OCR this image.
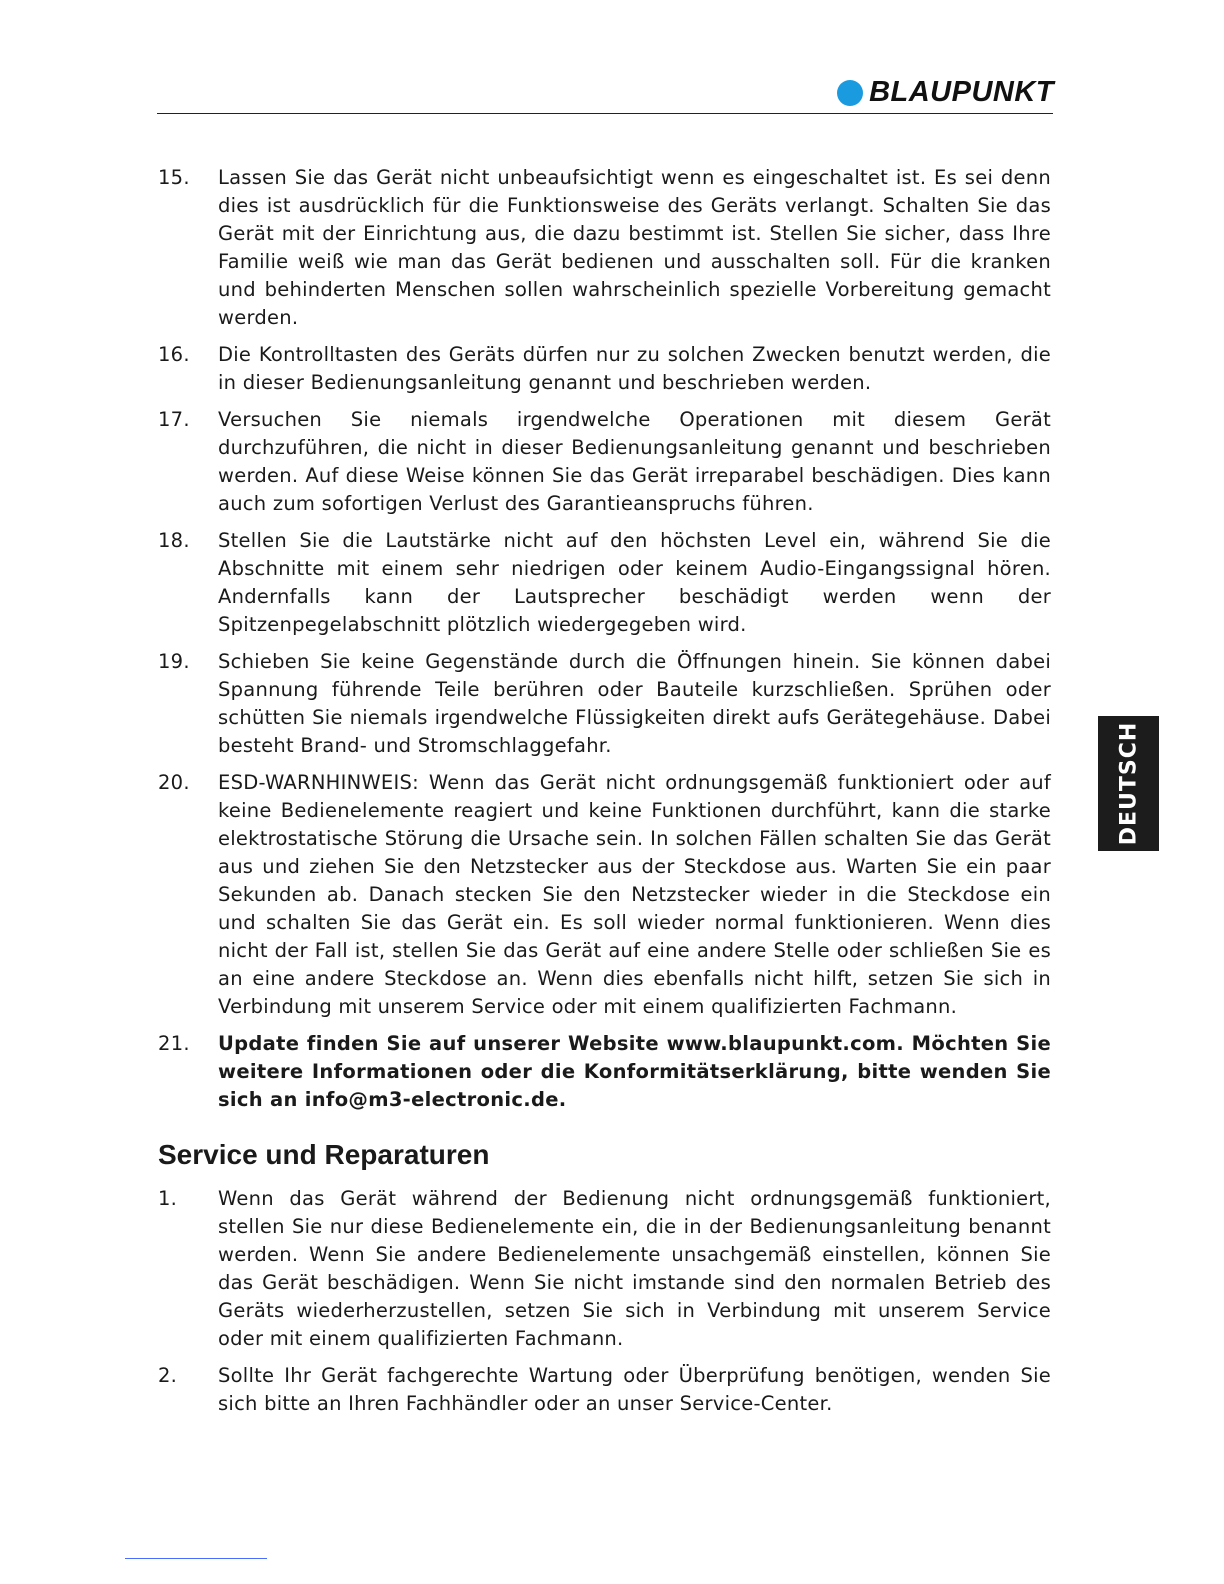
BLAUPUNKT
15.	Lassen Sie das Gerät nicht unbeaufsichtigt wenn es eingeschaltet ist. Es sei denn dies ist ausdrücklich für die Funktionsweise des Geräts verlangt. Schalten Sie das Gerät mit der Einrichtung aus, die dazu bestimmt ist. Stellen Sie sicher, dass Ihre Familie weiß wie man das Gerät bedienen und ausschalten soll. Für die kranken und behinderten Menschen sollen wahrscheinlich spezielle Vorbereitung gemacht werden.
16.	Die Kontrolltasten des Geräts dürfen nur zu solchen Zwecken benutzt werden, die in dieser Bedienungsanleitung genannt und beschrieben werden.
17.	Versuchen Sie niemals irgendwelche Operationen mit diesem Gerät durchzuführen, die nicht in dieser Bedienungsanleitung genannt und beschrieben werden. Auf diese Weise können Sie das Gerät irreparabel beschädigen. Dies kann auch zum sofortigen Verlust des Garantieanspruchs führen.
18.	Stellen Sie die Lautstärke nicht auf den höchsten Level ein, während Sie die Abschnitte mit einem sehr niedrigen oder keinem Audio-Eingangssignal hören. Andernfalls kann der Lautsprecher beschädigt werden wenn der Spitzenpegelabschnitt plötzlich wiedergegeben wird.
19.	Schieben Sie keine Gegenstände durch die Öffnungen hinein. Sie können dabei Spannung führende Teile berühren oder Bauteile kurzschließen. Sprühen oder schütten Sie niemals irgendwelche Flüssigkeiten direkt aufs Gerätegehäuse. Dabei besteht Brand- und Stromschlaggefahr.
20.	ESD-WARNHINWEIS: Wenn das Gerät nicht ordnungsgemäß funktioniert oder auf keine Bedienelemente reagiert und keine Funktionen durchführt, kann die starke elektrostatische Störung die Ursache sein. In solchen Fällen schalten Sie das Gerät aus und ziehen Sie den Netzstecker aus der Steckdose aus. Warten Sie ein paar Sekunden ab. Danach stecken Sie den Netzstecker wieder in die Steckdose ein und schalten Sie das Gerät ein. Es soll wieder normal funktionieren. Wenn dies nicht der Fall ist, stellen Sie das Gerät auf eine andere Stelle oder schließen Sie es an eine andere Steckdose an. Wenn dies ebenfalls nicht hilft, setzen Sie sich in Verbindung mit unserem Service oder mit einem qualifizierten Fachmann.
21.	Update finden Sie auf unserer Website www.blaupunkt.com. Möchten Sie weitere Informationen oder die Konformitätserklärung, bitte wenden Sie sich an info@m3-electronic.de.
Service und Reparaturen
1.	Wenn das Gerät während der Bedienung nicht ordnungsgemäß funktioniert, stellen Sie nur diese Bedienelemente ein, die in der Bedienungsanleitung benannt werden. Wenn Sie andere Bedienelemente unsachgemäß einstellen, können Sie das Gerät beschädigen. Wenn Sie nicht imstande sind den normalen Betrieb des Geräts wiederherzustellen, setzen Sie sich in Verbindung mit unserem Service oder mit einem qualifizierten Fachmann.
2.	Sollte Ihr Gerät fachgerechte Wartung oder Überprüfung benötigen, wenden Sie sich bitte an Ihren Fachhändler oder an unser Service-Center.
DEUTSCH
